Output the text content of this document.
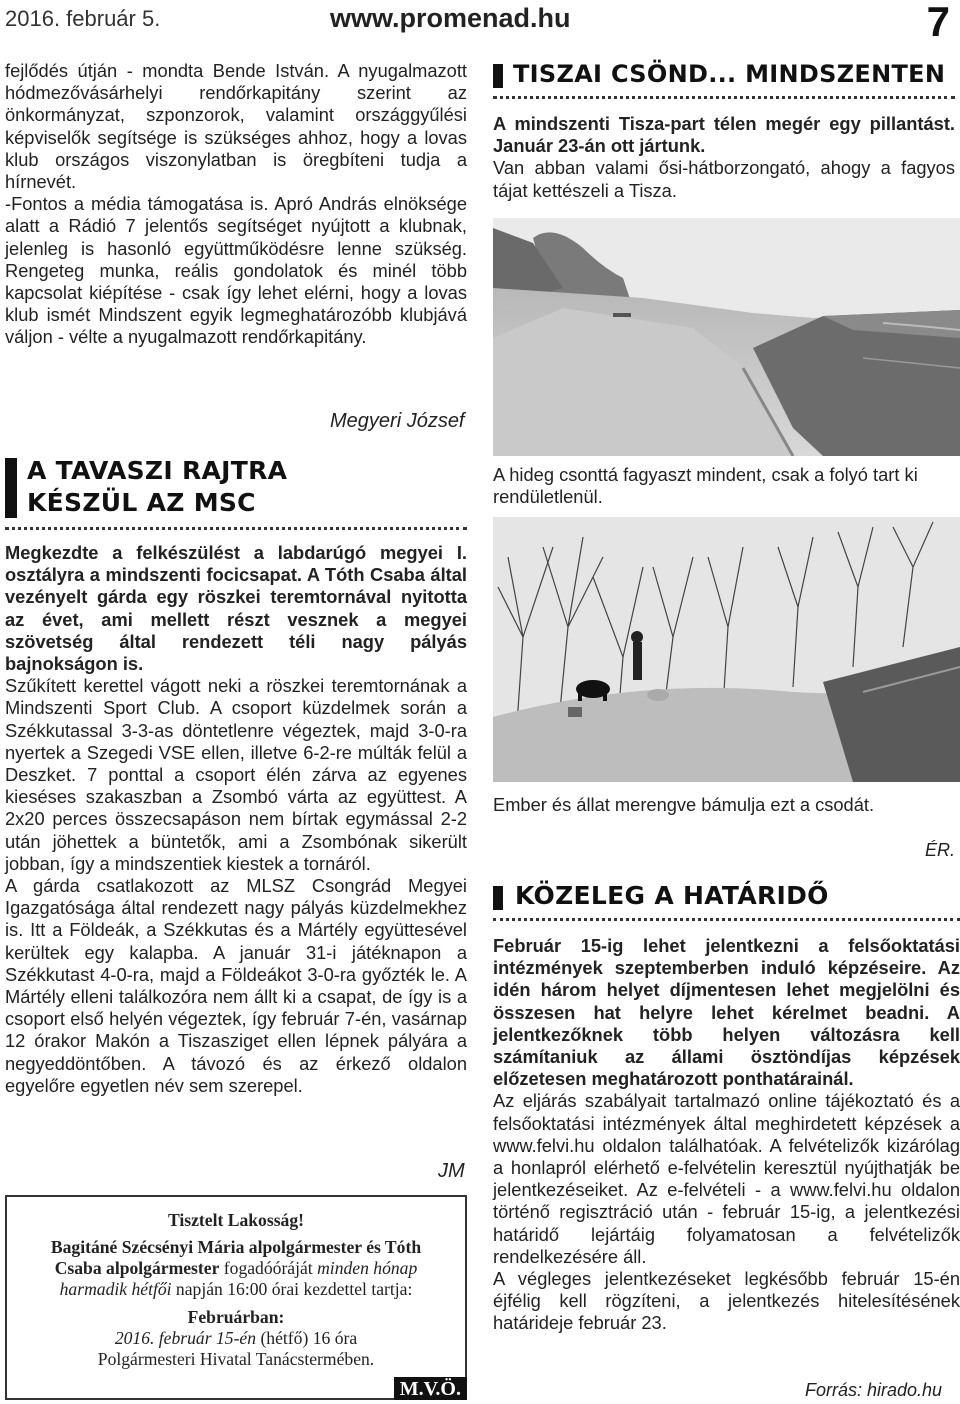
2016. február 5.	www.promenad.hu	7

fejlődés útján - mondta Bende István. A nyugalmazott hódmezővásárhelyi rendőrkapitány szerint az önkormányzat, szponzorok, valamint országgyűlési képviselők segítsége is szükséges ahhoz, hogy a lovas klub országos viszonylatban is öregbíteni tudja a hírnevét.

-Fontos a média támogatása is. Apró András elnöksége alatt a Rádió 7 jelentős segítséget nyújtott a klubnak, jelenleg is hasonló együttműködésre lenne szükség. Rengeteg munka, reális gondolatok és minél több kapcsolat kiépítése - csak így lehet elérni, hogy a lovas klub ismét Mindszent egyik legmeghatározóbb klubjává váljon - vélte a nyugalmazott rendőrkapitány.

Megyeri József
A TAVASZI RAJTRA
KÉSZÜL AZ MSC

Megkezdte a felkészülést a labdarúgó megyei I. osztályra a mindszenti focicsapat. A Tóth Csaba által vezényelt gárda egy röszkei teremtornával nyitotta az évet, ami mellett részt vesznek a megyei szövetség által rendezett téli nagy pályás bajnokságon is.

Szűkített kerettel vágott neki a röszkei teremtornának a Mindszenti Sport Club. A csoport küzdelmek során a Székkutassal 3-3-as döntetlenre végeztek, majd 3-0-ra nyertek a Szegedi VSE ellen, illetve 6-2-re múlták felül a Deszket. 7 ponttal a csoport élén zárva az egyenes kieséses szakaszban a Zsombó várta az együttest. A 2x20 perces összecsapáson nem bírtak egymással 2-2 után jöhettek a büntetők, ami a Zsombónak sikerült jobban, így a mindszentiek kiestek a tornáról.

A gárda csatlakozott az MLSZ Csongrád Megyei Igazgatósága által rendezett nagy pályás küzdelmekhez is. Itt a Földeák, a Székkutas és a Mártély együttesével kerültek egy kalapba. A január 31-i játéknapon a Székkutast 4-0-ra, majd a Földeákot 3-0-ra győzték le. A Mártély elleni találkozóra nem állt ki a csapat, de így is a csoport első helyén végeztek, így február 7-én, vasárnap 12 órakor Makón a Tiszasziget ellen lépnek pályára a negyeddöntőben. A távozó és az érkező oldalon egyelőre egyetlen név sem szerepel.

JM
Tisztelt Lakosság!
Bagitáné Szécsényi Mária alpolgármester és Tóth Csaba alpolgármester fogadóóráját minden hónap harmadik hétfői napján 16:00 órai kezdettel tartja:
Februárban:
2016. február 15-én (hétfő) 16 óra
Polgármesteri Hivatal Tanácstermében.
M.V.Ö.
TISZAI CSÖND... MINDSZENTEN

A mindszenti Tisza-part télen megér egy pillantást. Január 23-án ott jártunk.

Van abban valami ősi-hátborzongató, ahogy a fagyos tájat kettészeli a Tisza.

A hideg csonttá fagyaszt mindent, csak a folyó tart ki rendületlenül.
Ember és állat merengve bámulja ezt a csodát.
ÉR.
KÖZELEG A HATÁRIDŐ

Február 15-ig lehet jelentkezni a felsőoktatási intézmények szeptemberben induló képzéseire. Az idén három helyet díjmentesen lehet megjelölni és összesen hat helyre lehet kérelmet beadni. A jelentkezőknek több helyen változásra kell számítaniuk az állami ösztöndíjas képzések előzetesen meghatározott ponthatárainál.

Az eljárás szabályait tartalmazó online tájékoztató és a felsőoktatási intézmények által meghirdetett képzések a www.felvi.hu oldalon találhatóak. A felvételizők kizárólag a honlapról elérhető e-felvételin keresztül nyújthatják be jelentkezéseiket. Az e-felvételi - a www.felvi.hu oldalon történő regisztráció után - február 15-ig, a jelentkezési határidő lejártáig folyamatosan a felvételizők rendelkezésére áll.

A végleges jelentkezéseket legkésőbb február 15-én éjfélig kell rögzíteni, a jelentkezés hitelesítésének határideje február 23.

Forrás: hirado.hu
